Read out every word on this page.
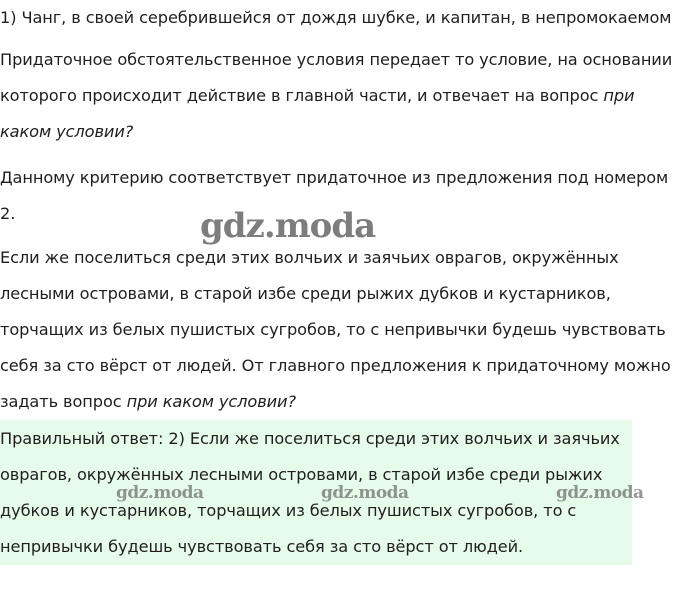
1) Чанг, в своей серебрившейся от дождя шубке, и капитан, в непромокаемом

Придаточное обстоятельственное условия передает то условие, на основании
которого происходит действие в главной части, и отвечает на вопрос при
каком условии?

Данному критерию соответствует придаточное из предложения под номером
2.	gdz.moda

Если же поселиться среди этих волчьих и заячьих оврагов, окружённых
лесными островами, в старой избе среди рыжих дубков и кустарников,
торчащих из белых пушистых сугробов, то с непривычки будешь чувствовать
себя за сто вёрст от людей. От главного предложения к придаточному можно
задать вопрос при каком условии?

Правильный ответ: 2) Если же поселиться среди этих волчьих и заячьих
оврагов, окружённых лесными островами, в старой избе среди рыжих
дубков и кустарников, торчащих из белых пушистых сугробов, то с
непривычки будешь чувствовать себя за сто вёрст от людей.

gdz.moda	gdz.moda	gdz.moda
